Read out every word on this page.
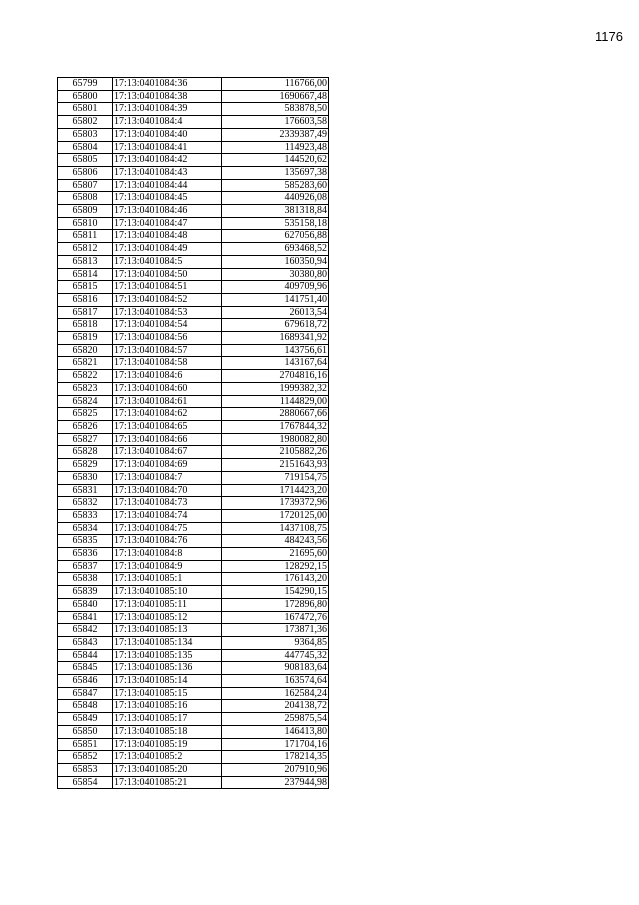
1176
65799	17:13:0401084:36	116766,00
65800	17:13:0401084:38	1690667,48
65801	17:13:0401084:39	583878,50
65802	17:13:0401084:4	176603,58
65803	17:13:0401084:40	2339387,49
65804	17:13:0401084:41	114923,48
65805	17:13:0401084:42	144520,62
65806	17:13:0401084:43	135697,38
65807	17:13:0401084:44	585283,60
65808	17:13:0401084:45	440926,08
65809	17:13:0401084:46	381318,84
65810	17:13:0401084:47	535158,18
65811	17:13:0401084:48	627056,88
65812	17:13:0401084:49	693468,52
65813	17:13:0401084:5	160350,94
65814	17:13:0401084:50	30380,80
65815	17:13:0401084:51	409709,96
65816	17:13:0401084:52	141751,40
65817	17:13:0401084:53	26013,54
65818	17:13:0401084:54	679618,72
65819	17:13:0401084:56	1689341,92
65820	17:13:0401084:57	143756,61
65821	17:13:0401084:58	143167,64
65822	17:13:0401084:6	2704816,16
65823	17:13:0401084:60	1999382,32
65824	17:13:0401084:61	1144829,00
65825	17:13:0401084:62	2880667,66
65826	17:13:0401084:65	1767844,32
65827	17:13:0401084:66	1980082,80
65828	17:13:0401084:67	2105882,26
65829	17:13:0401084:69	2151643,93
65830	17:13:0401084:7	719154,75
65831	17:13:0401084:70	1714423,20
65832	17:13:0401084:73	1739372,96
65833	17:13:0401084:74	1720125,00
65834	17:13:0401084:75	1437108,75
65835	17:13:0401084:76	484243,56
65836	17:13:0401084:8	21695,60
65837	17:13:0401084:9	128292,15
65838	17:13:0401085:1	176143,20
65839	17:13:0401085:10	154290,15
65840	17:13:0401085:11	172896,80
65841	17:13:0401085:12	167472,76
65842	17:13:0401085:13	173871,36
65843	17:13:0401085:134	9364,85
65844	17:13:0401085:135	447745,32
65845	17:13:0401085:136	908183,64
65846	17:13:0401085:14	163574,64
65847	17:13:0401085:15	162584,24
65848	17:13:0401085:16	204138,72
65849	17:13:0401085:17	259875,54
65850	17:13:0401085:18	146413,80
65851	17:13:0401085:19	171704,16
65852	17:13:0401085:2	178214,35
65853	17:13:0401085:20	207910,96
65854	17:13:0401085:21	237944,98
